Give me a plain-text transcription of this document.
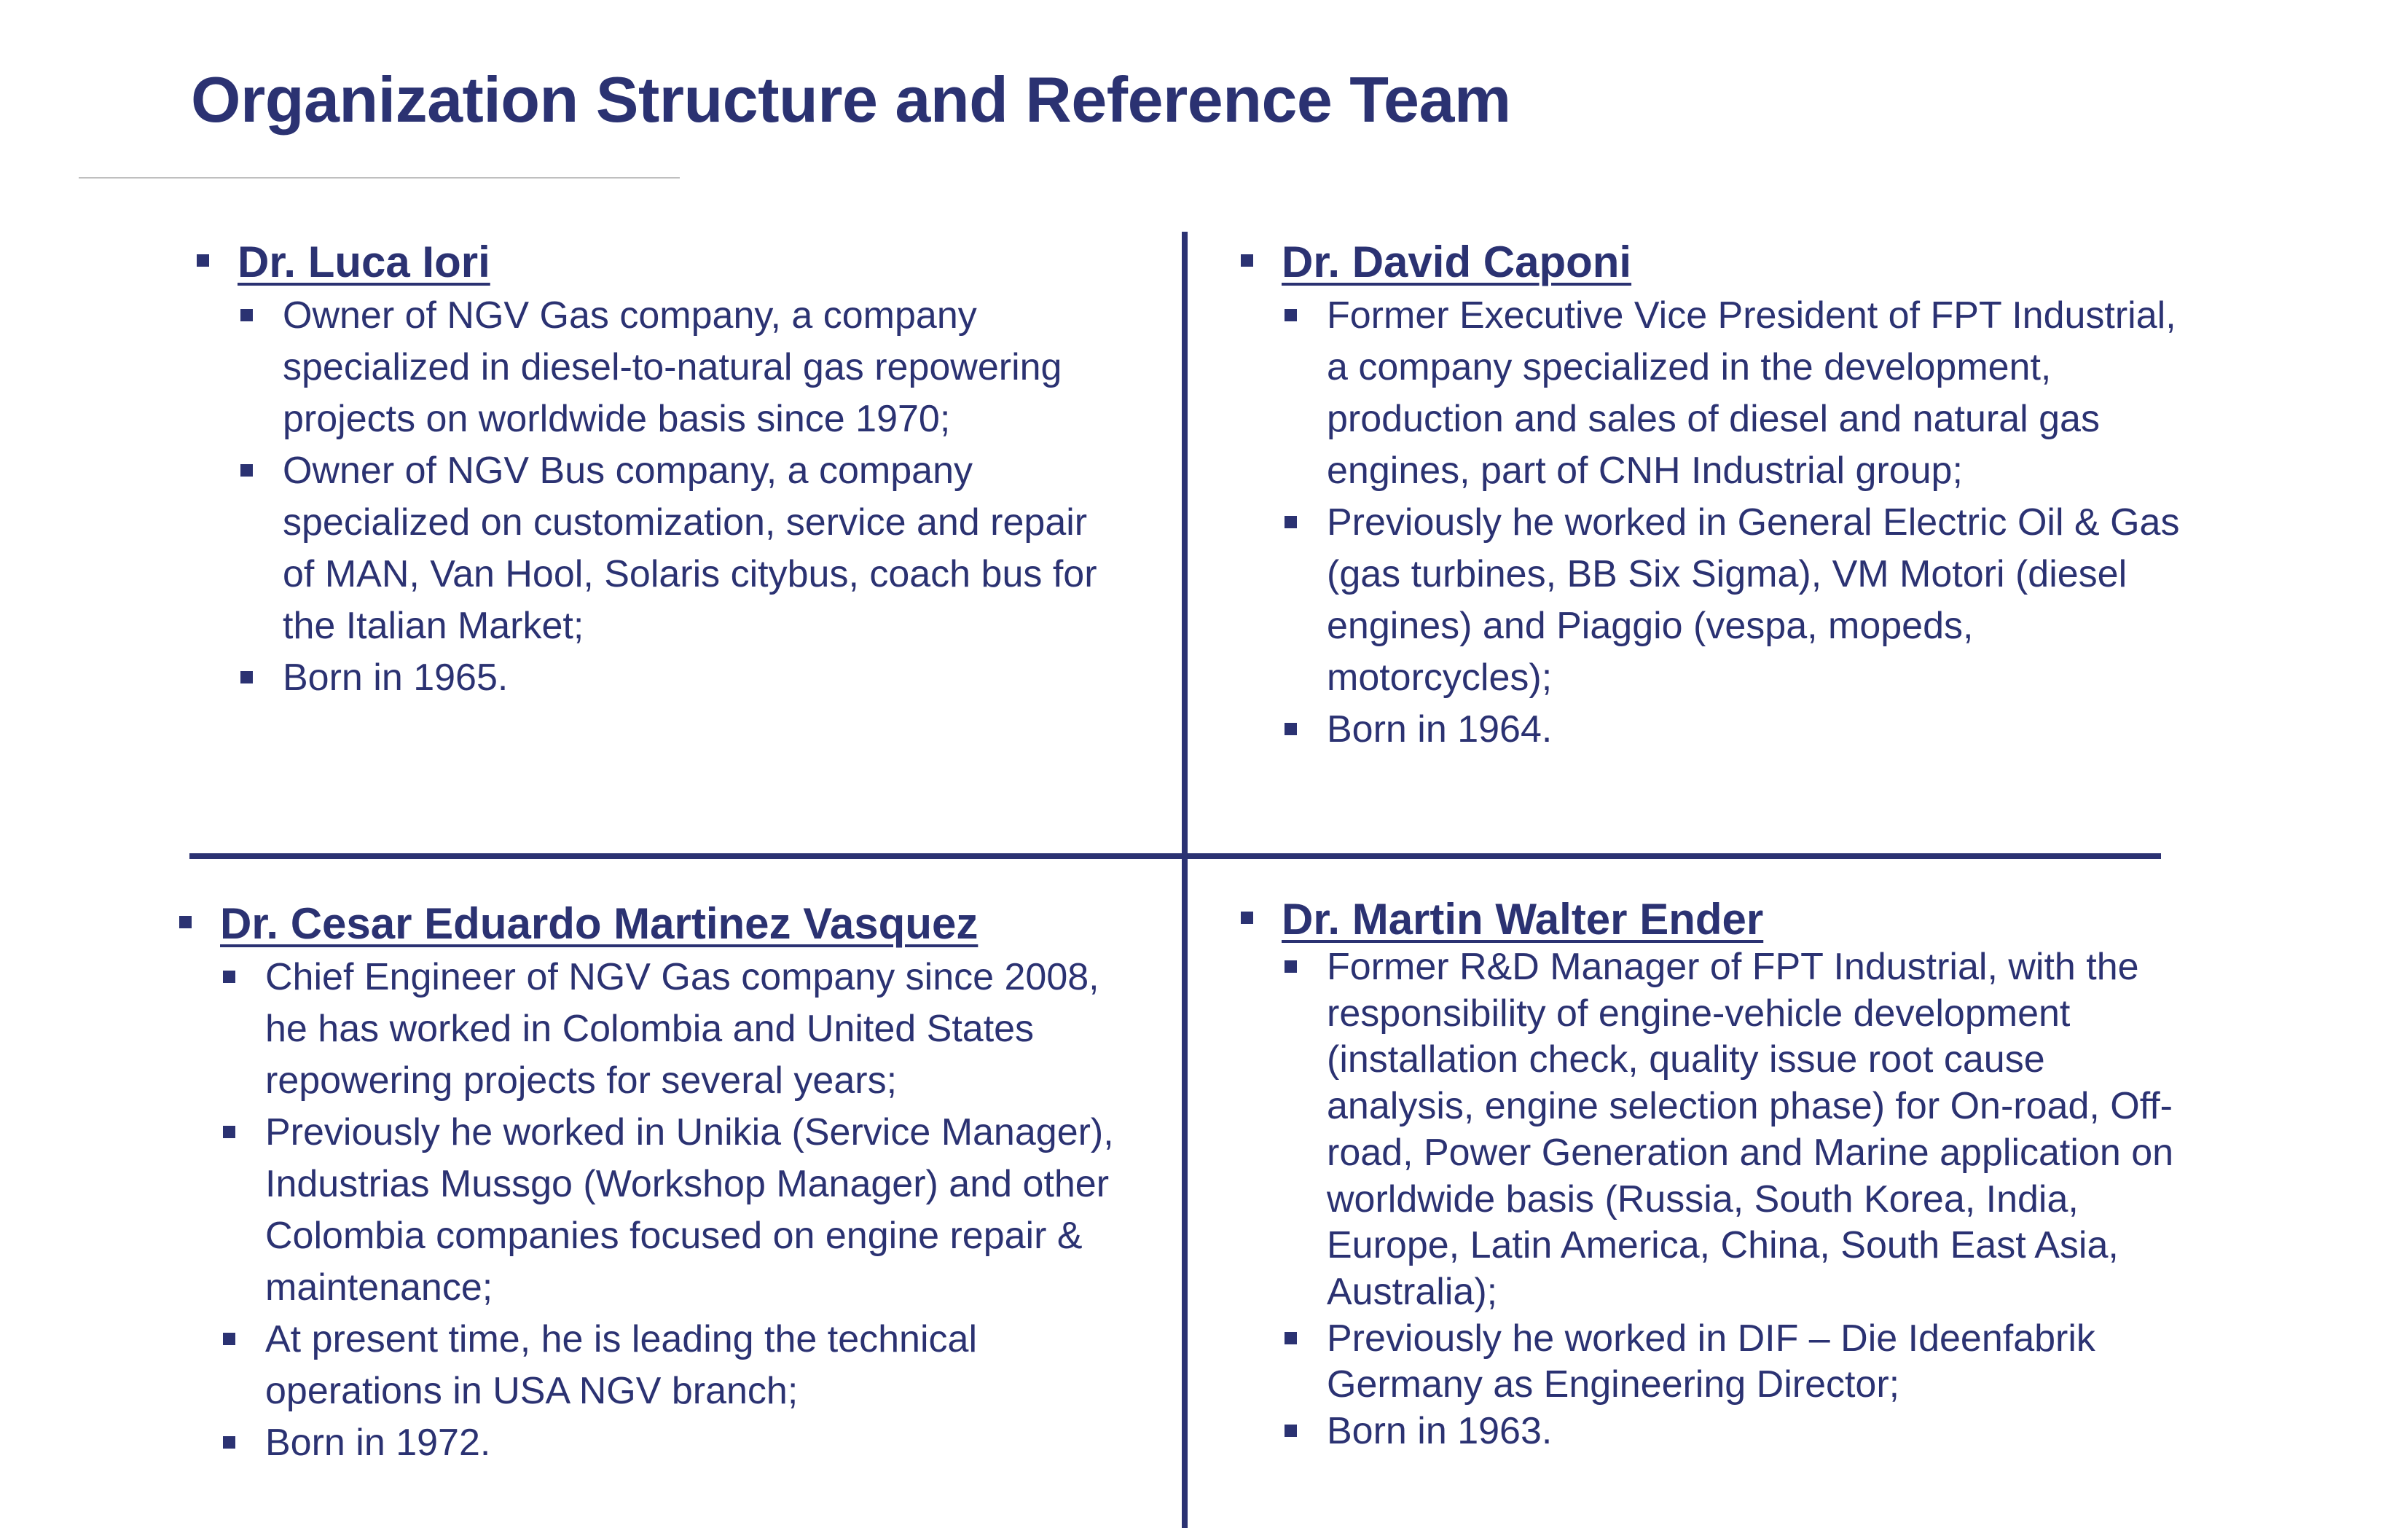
Organization Structure and Reference Team
Dr. Luca Iori
Owner of NGV Gas company, a company
specialized in diesel-to-natural gas repowering
projects on worldwide basis since 1970;
Owner of NGV Bus company, a company
specialized on customization, service and repair
of MAN, Van Hool, Solaris citybus, coach bus for
the Italian Market;
Born in 1965.
Dr. David Caponi
Former Executive Vice President of FPT Industrial,
a company specialized in the development,
production and sales of diesel and natural gas
engines, part of CNH Industrial group;
Previously he worked in General Electric Oil & Gas
(gas turbines, BB Six Sigma), VM Motori (diesel
engines) and Piaggio (vespa, mopeds,
motorcycles);
Born in 1964.
Dr. Cesar Eduardo Martinez Vasquez
Chief Engineer of NGV Gas company since 2008,
he has worked in Colombia and United States
repowering projects for several years;
Previously he worked in Unikia (Service Manager),
Industrias Mussgo (Workshop Manager) and other
Colombia companies focused on engine repair &
maintenance;
At present time, he is leading the technical
operations in USA NGV branch;
Born in 1972.
Dr. Martin Walter Ender
Former R&D Manager of FPT Industrial, with the
responsibility of engine-vehicle development
(installation check, quality issue root cause
analysis, engine selection phase) for On-road, Off-
road, Power Generation and Marine application on
worldwide basis (Russia, South Korea, India,
Europe, Latin America, China, South East Asia,
Australia);
Previously he worked in DIF – Die Ideenfabrik
Germany as Engineering Director;
Born in 1963.
